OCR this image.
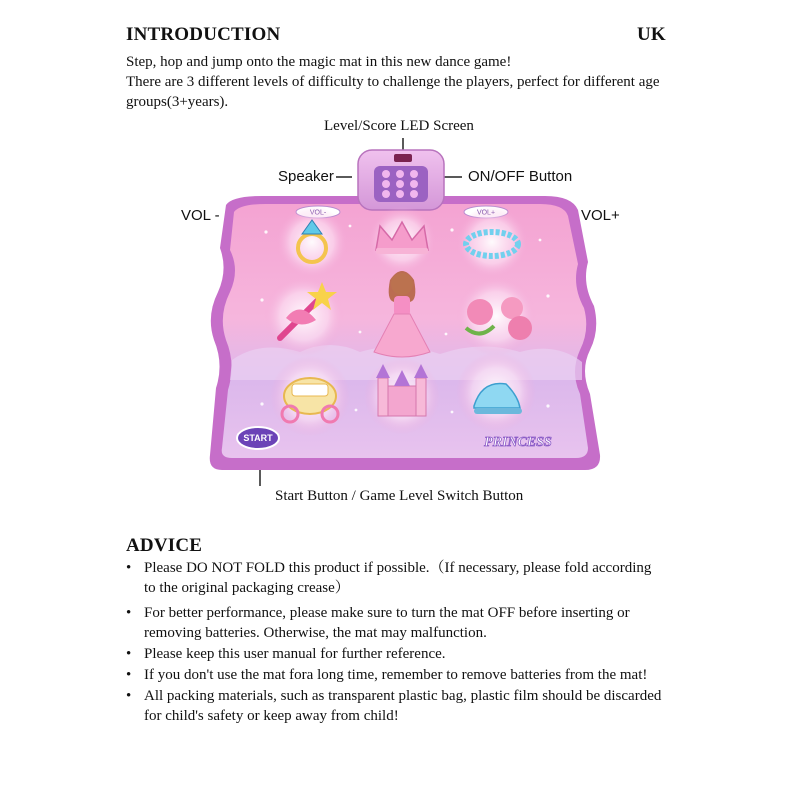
INTRODUCTION	UK
Step, hop and jump onto the magic mat in this new dance game!
There are 3 different levels of difficulty to challenge the players, perfect for different age
groups(3+years).
Level/Score LED Screen
Speaker	ON/OFF Button
VOL -	VOL+
Start Button / Game Level Switch Button
START	PRINCESS
ADVICE
• Please DO NOT FOLD this product if possible.（If necessary, please fold according
to the original packaging crease）
• For better performance, please make sure to turn the mat OFF before inserting or
removing batteries. Otherwise, the mat may malfunction.
• Please keep this user manual for further reference.
• If you don't use the mat fora long time, remember to remove batteries from the mat!
• All packing materials, such as transparent plastic bag, plastic film should be discarded
for child's safety or keep away from child!
